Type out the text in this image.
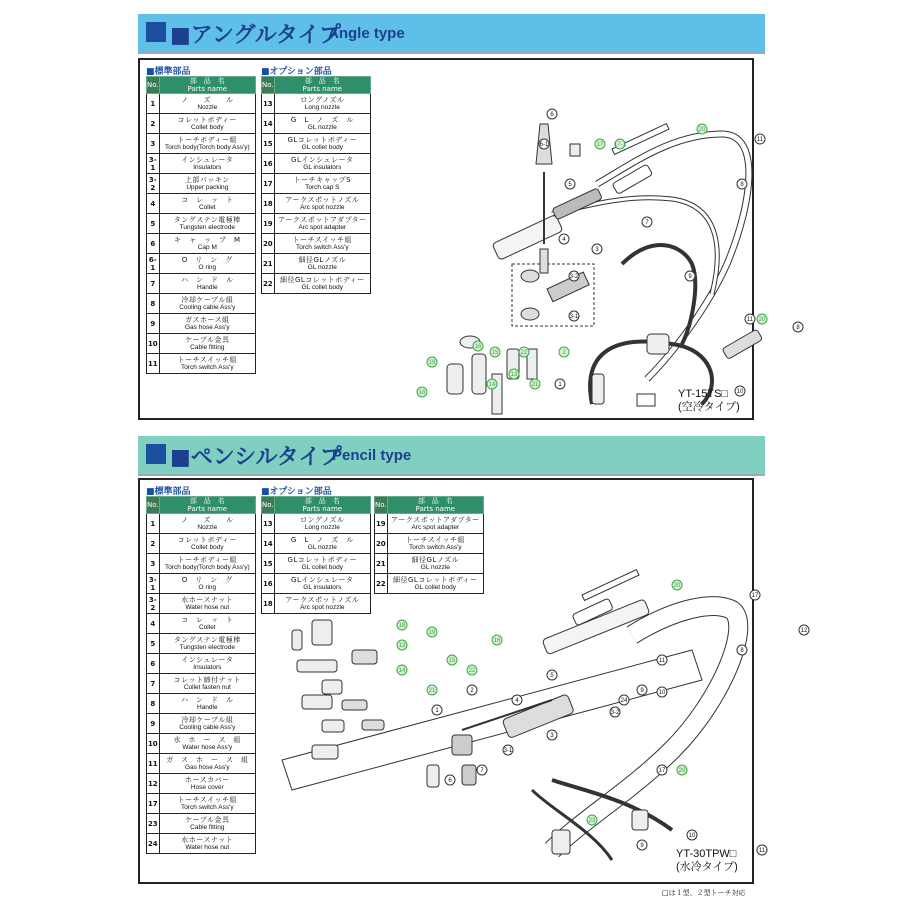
■アングルタイプ
Angle type
■標準部品	■オプション部品
No.	部　品　名
Parts name
1	ノ　　ズ　　ル
Nozzle

2	コレットボディー
Collet body

3	トーチボディー組
Torch body(Torch body Ass'y)

3-1	インシュレータ
Insulators

3-2	上部パッキン
Upper packing

4	コ　レ　ッ　ト
Collet

5	タングステン電極棒
Tungsten electrode

6	キ　ャ　ッ　プ　M
Cap M

6-1	O　リ　ン　グ
O ring

7	ハ　ン　ド　ル
Handle

8	冷却ケーブル組
Cooling cable Ass'y

9	ガスホース組
Gas hose Ass'y

10	ケーブル金具
Cable fitting

11	トーチスイッチ組
Torch switch Ass'y
No.	部　品　名
Parts name
13	ロングノズル
Long nozzle

14	G　L　ノ　ズ　ル
GL nozzle

15	GLコレットボディー
GL collet body

16	GLインシュレータ
GL insulators

17	トーチキャップS
Torch cap S

18	アークスポットノズル
Arc spot nozzle

19	アークスポットアダプター
Arc spot adapter

20	トーチスイッチ組
Torch switch Ass'y

21	細径GLノズル
GL nozzle

22	細径GLコレットボディー
GL collet body
6
6-1
5
4
3
3-2
3-1
17 17-1
20
11
8
7
9
11 20
8
10
16
15	22	2
19
18
13
14	21	1
YT-15TS□
(空冷タイプ)
■ペンシルタイプ
Pencil type
■標準部品	■オプション部品
No.	部　品　名
Parts name
1	ノ　　ズ　　ル
Nozzle

2	コレットボディー
Collet body

3	トーチボディー組
Torch body(Torch body Ass'y)

3-1	O　リ　ン　グ
O ring

3-2	水ホースナット
Water hose nut

4	コ　レ　ッ　ト
Collet

5	タングステン電極棒
Tungsten electrode

6	インシュレータ
Insulators

7	コレット締付ナット
Collet fasten nut

8	ハ　ン　ド　ル
Handle

9	冷却ケーブル組
Cooling cable Ass'y

10	水　ホ　ー　ス　組
Water hose Ass'y

11	ガ　ス　ホ　ー　ス　組
Gas hose Ass'y

12	ホースカバー
Hose cover

17	トーチスイッチ組
Torch switch Ass'y

23	ケーブル金具
Cable fitting

24	水ホースナット
Water hose nut
No.	部　品　名
Parts name
13	ロングノズル
Long nozzle

14	G　L　ノ　ズ　ル
GL nozzle

15	GLコレットボディー
GL collet body

16	GLインシュレータ
GL insulators

18	アークスポットノズル
Arc spot nozzle
No.	部　品　名
Parts name
19	アークスポットアダプター
Arc spot adapter

20	トーチスイッチ組
Torch switch Ass'y

21	細径GLノズル
GL nozzle

22	細径GLコレットボディー
GL collet body	20
17
12
18
19
13
16
15
14	22
21
1
2
5
4
3
3-1
6
7
11
8
9 10
24
3-2
17 20
23
9
10
11
YT-30TPW□
(水冷タイプ)
□は１型、２型トーチ対応
